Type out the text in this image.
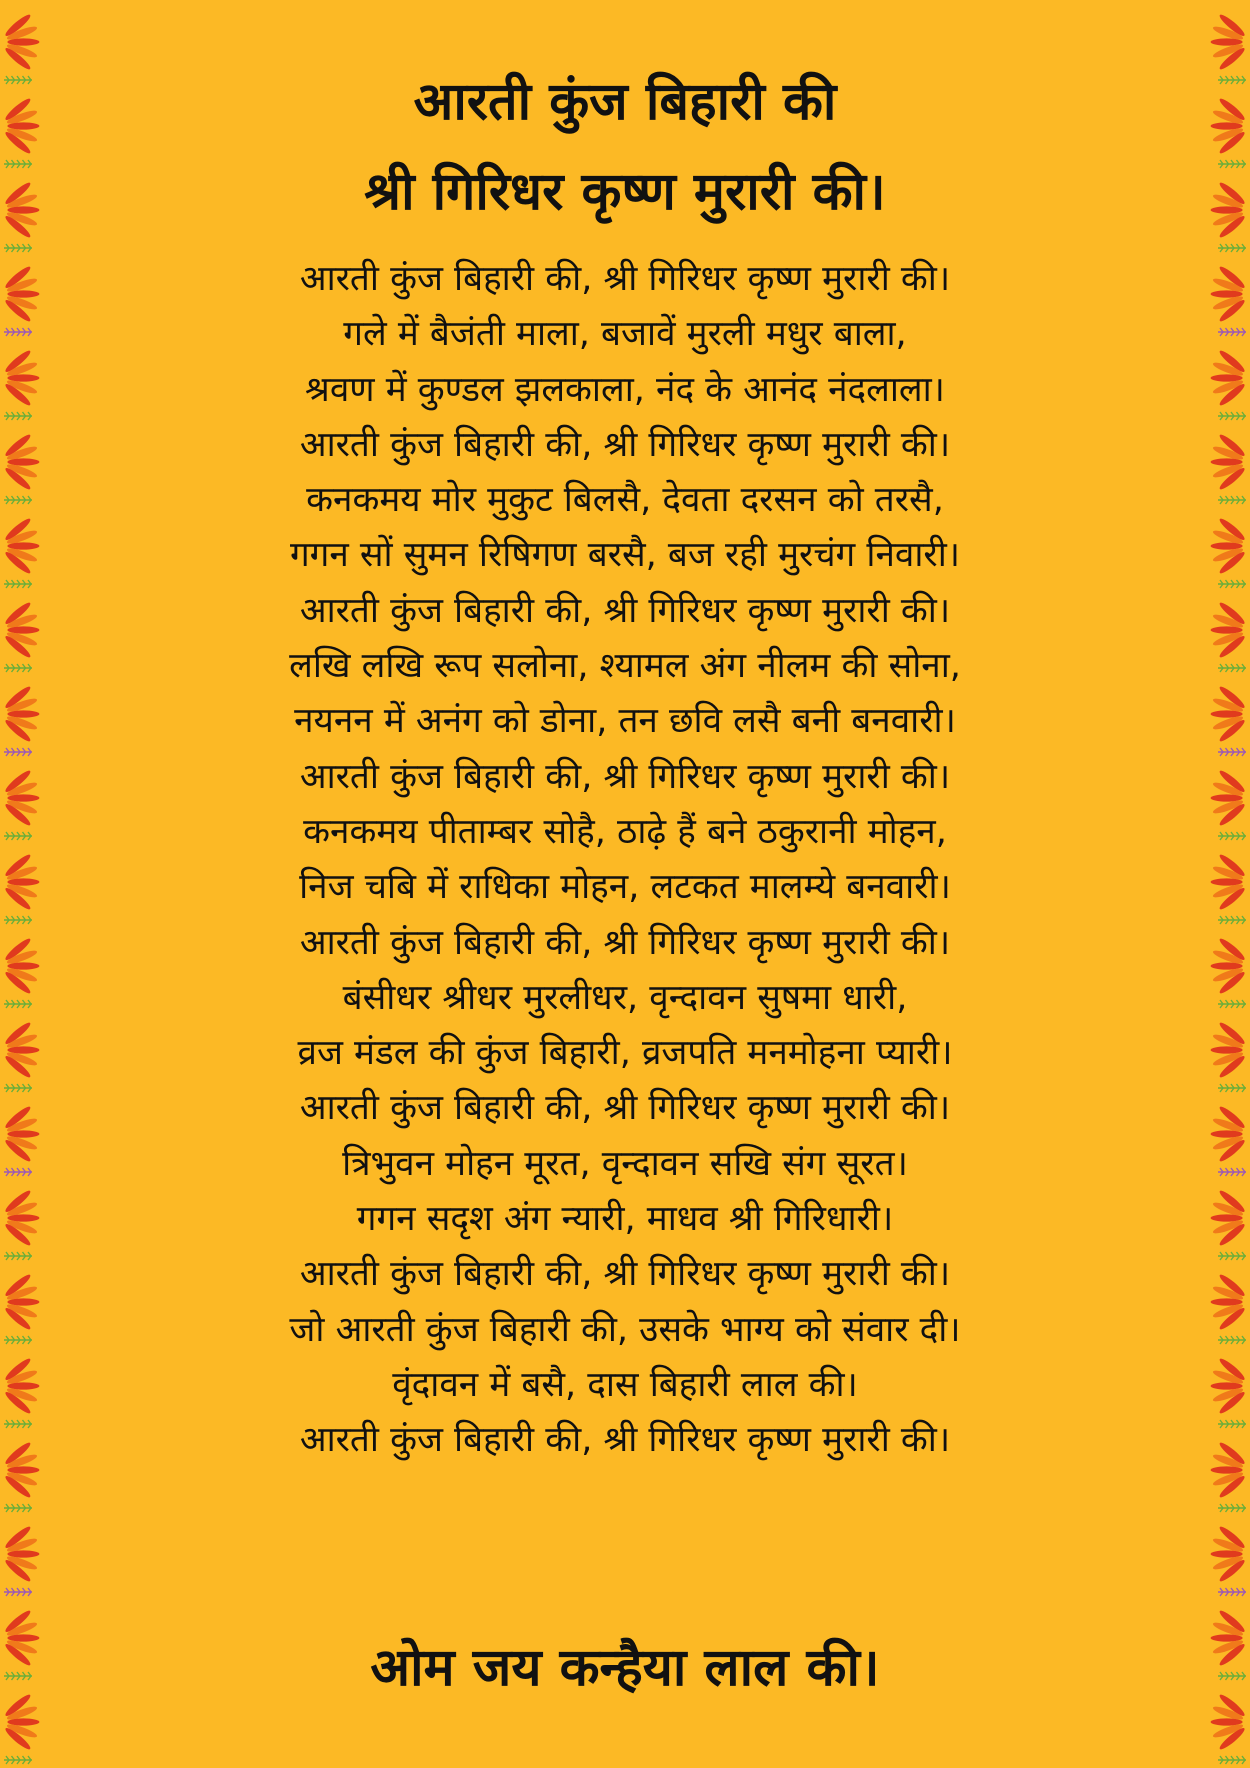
आरती कुंज बिहारी की
श्री गिरिधर कृष्ण मुरारी की।
आरती कुंज बिहारी की, श्री गिरिधर कृष्ण मुरारी की।
गले में बैजंती माला, बजावें मुरली मधुर बाला,
श्रवण में कुण्डल झलकाला, नंद के आनंद नंदलाला।
आरती कुंज बिहारी की, श्री गिरिधर कृष्ण मुरारी की।
कनकमय मोर मुकुट बिलसै, देवता दरसन को तरसै,
गगन सों सुमन रिषिगण बरसै, बज रही मुरचंग निवारी।
आरती कुंज बिहारी की, श्री गिरिधर कृष्ण मुरारी की।
लखि लखि रूप सलोना, श्यामल अंग नीलम की सोना,
नयनन में अनंग को डोना, तन छवि लसै बनी बनवारी।
आरती कुंज बिहारी की, श्री गिरिधर कृष्ण मुरारी की।
कनकमय पीताम्बर सोहै, ठाढ़े हैं बने ठकुरानी मोहन,
निज चबि में राधिका मोहन, लटकत मालम्ये बनवारी।
आरती कुंज बिहारी की, श्री गिरिधर कृष्ण मुरारी की।
बंसीधर श्रीधर मुरलीधर, वृन्दावन सुषमा धारी,
व्रज मंडल की कुंज बिहारी, व्रजपति मनमोहना प्यारी।
आरती कुंज बिहारी की, श्री गिरिधर कृष्ण मुरारी की।
त्रिभुवन मोहन मूरत, वृन्दावन सखि संग सूरत।
गगन सदृश अंग न्यारी, माधव श्री गिरिधारी।
आरती कुंज बिहारी की, श्री गिरिधर कृष्ण मुरारी की।
जो आरती कुंज बिहारी की, उसके भाग्य को संवार दी।
वृंदावन में बसै, दास बिहारी लाल की।
आरती कुंज बिहारी की, श्री गिरिधर कृष्ण मुरारी की।
ओम जय कन्हैया लाल की।
